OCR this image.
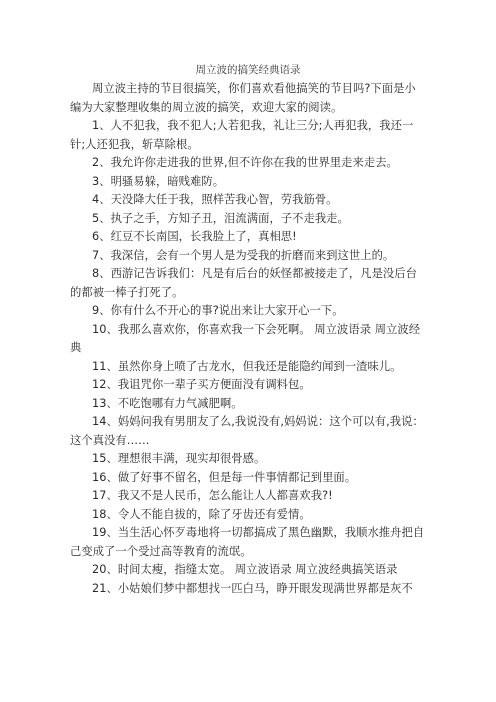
周立波的搞笑经典语录

周立波主持的节目很搞笑，你们喜欢看他搞笑的节目吗?下面是小编为大家整理收集的周立波的搞笑，欢迎大家的阅读。

1、人不犯我，我不犯人;人若犯我，礼让三分;人再犯我，我还一针;人还犯我，斩草除根。

2、我允许你走进我的世界,但不许你在我的世界里走来走去。

3、明骚易躲，暗贱难防。

4、天没降大任于我，照样苦我心智，劳我筋骨。

5、执子之手，方知子丑，泪流满面，子不走我走。

6、红豆不长南国，长我脸上了，真相思!

7、我深信，会有一个男人是为受我的折磨而来到这世上的。

8、西游记告诉我们：凡是有后台的妖怪都被接走了，凡是没后台的都被一棒子打死了。

9、你有什么不开心的事?说出来让大家开心一下。

10、我那么喜欢你，你喜欢我一下会死啊。 周立波语录 周立波经典

11、虽然你身上喷了古龙水，但我还是能隐约闻到一渣味儿。

12、我诅咒你一辈子买方便面没有调料包。

13、不吃饱哪有力气减肥啊。

14、妈妈问我有男朋友了么,我说没有,妈妈说：这个可以有,我说：这个真没有……

15、理想很丰满，现实却很骨感。

16、做了好事不留名，但是每一件事情都记到里面。

17、我又不是人民币，怎么能让人人都喜欢我?!

18、令人不能自拔的，除了牙齿还有爱情。

19、当生活心怀歹毒地将一切都搞成了黑色幽默，我顺水推舟把自己变成了一个受过高等教育的流氓。

20、时间太瘦，指缝太宽。 周立波语录 周立波经典搞笑语录

21、小姑娘们梦中都想找一匹白马，睁开眼发现满世界都是灰不
